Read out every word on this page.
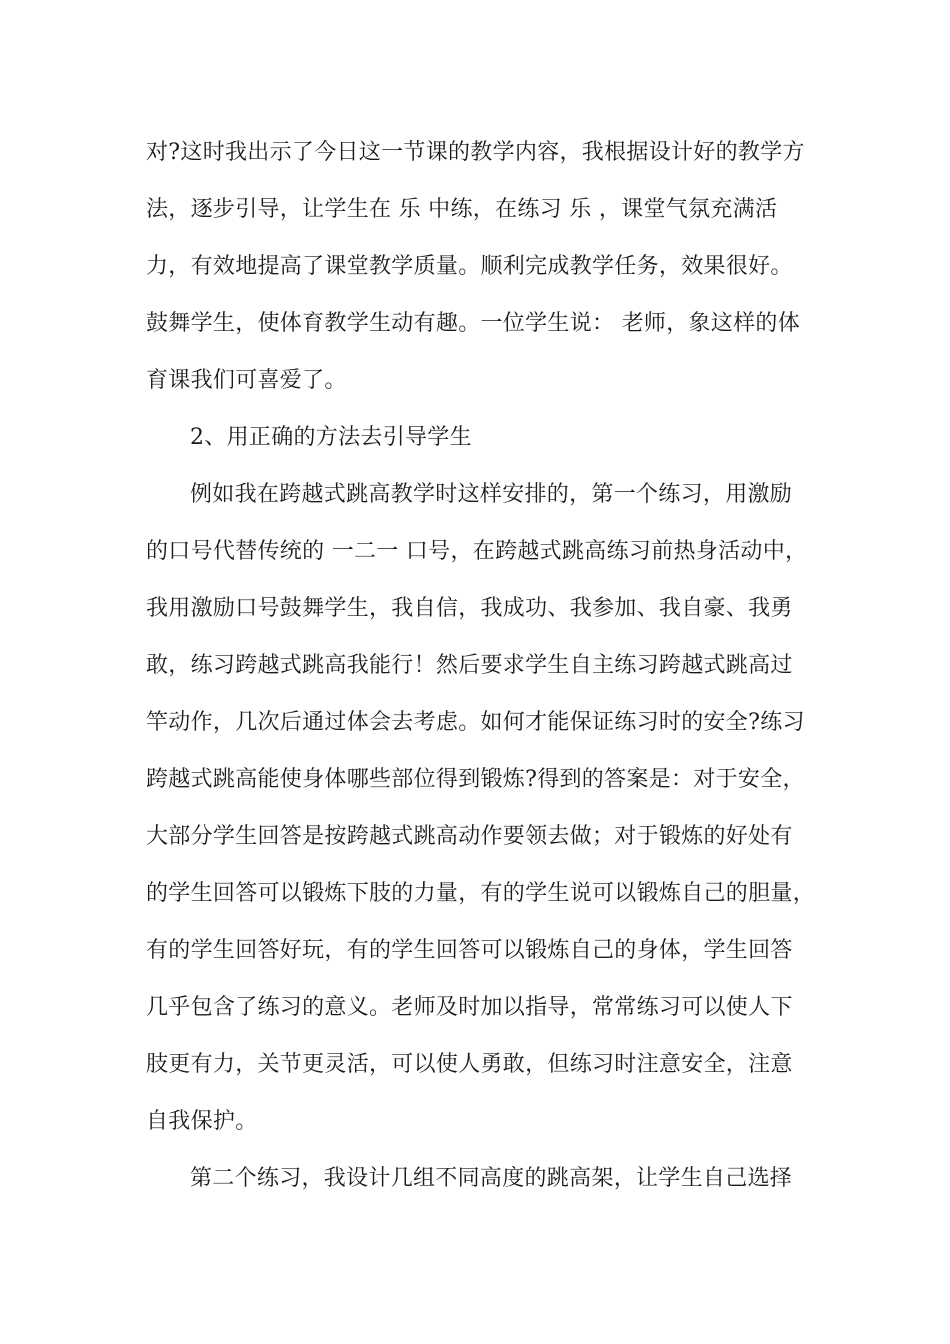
对?这时我出示了今日这一节课的教学内容，我根据设计好的教学方
法，逐步引导，让学生在 乐 中练，在练习 乐 ，课堂气氛充满活
力，有效地提高了课堂教学质量。顺利完成教学任务，效果很好。
鼓舞学生，使体育教学生动有趣。一位学生说： 老师，象这样的体
育课我们可喜爱了。
2、用正确的方法去引导学生
例如我在跨越式跳高教学时这样安排的，第一个练习，用激励
的口号代替传统的 一二一 口号，在跨越式跳高练习前热身活动中，
我用激励口号鼓舞学生，我自信，我成功、我参加、我自豪、我勇
敢，练习跨越式跳高我能行！然后要求学生自主练习跨越式跳高过
竿动作，几次后通过体会去考虑。如何才能保证练习时的安全?练习
跨越式跳高能使身体哪些部位得到锻炼?得到的答案是：对于安全，
大部分学生回答是按跨越式跳高动作要领去做；对于锻炼的好处有
的学生回答可以锻炼下肢的力量，有的学生说可以锻炼自己的胆量，
有的学生回答好玩，有的学生回答可以锻炼自己的身体，学生回答
几乎包含了练习的意义。老师及时加以指导，常常练习可以使人下
肢更有力，关节更灵活，可以使人勇敢，但练习时注意安全，注意
自我保护。
第二个练习，我设计几组不同高度的跳高架，让学生自己选择
